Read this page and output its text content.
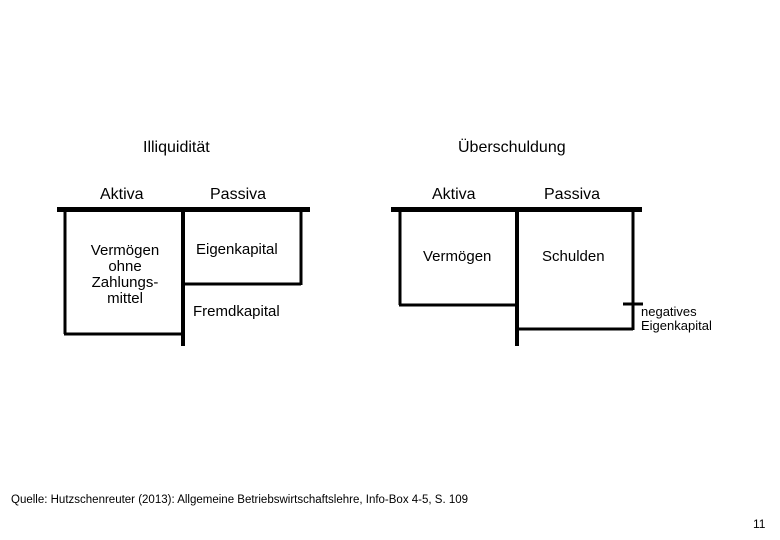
Illiquidität
Aktiva	Passiva
Vermögen
ohne
Zahlungs-
mittel
Eigenkapital
Fremdkapital
Überschuldung
Aktiva	Passiva
Vermögen	Schulden
negatives
Eigenkapital
Quelle: Hutzschenreuter (2013): Allgemeine Betriebswirtschaftslehre, Info-Box 4-5, S. 109
11
